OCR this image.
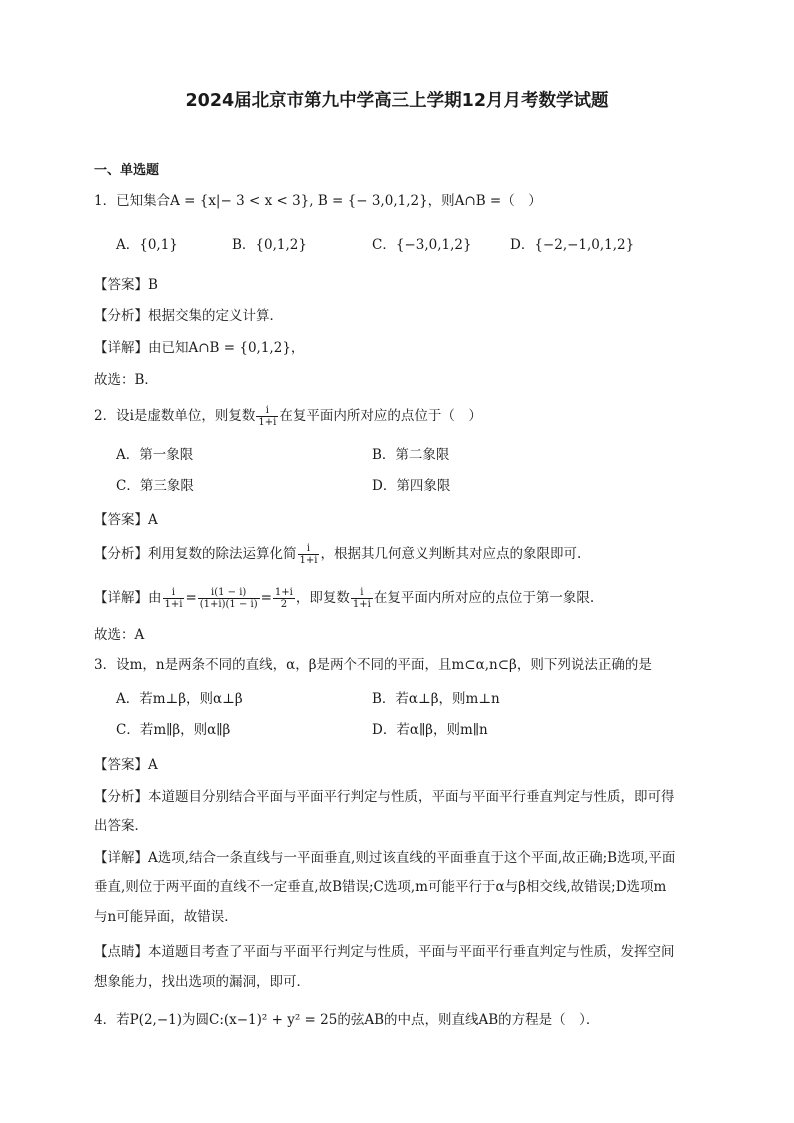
2024届北京市第九中学高三上学期12月月考数学试题
一、单选题
1．已知集合A = {x|− 3 < x < 3}, B = {− 3,0,1,2}，则A∩B =（　）
A．{0,1}	B．{0,1,2}	C．{−3,0,1,2}	D．{−2,−1,0,1,2}
【答案】B
【分析】根据交集的定义计算．
【详解】由已知A∩B = {0,1,2}，
故选：B．
2．设i是虚数单位，则复数 $\frac{i}{1+i}$ 在复平面内所对应的点位于（　）
A．第一象限	B．第二象限
C．第三象限	D．第四象限
【答案】A
【分析】利用复数的除法运算化简 $\frac{i}{1+i}$ ，根据其几何意义判断其对应点的象限即可.
【详解】由 $\frac{i}{1+i} = \frac{i(1 - i)}{(1+i)(1 - i)} = \frac{1+i}{2}$ ，即复数 $\frac{i}{1+i}$ 在复平面内所对应的点位于第一象限.
故选：A
3．设m，n是两条不同的直线，α，β是两个不同的平面，且m⊂α,n⊂β，则下列说法正确的是
A．若m⊥β，则α⊥β	B．若α⊥β，则m⊥n
C．若m∥β，则α∥β	D．若α∥β，则m∥n
【答案】A
【分析】本道题目分别结合平面与平面平行判定与性质，平面与平面平行垂直判定与性质，即可得
出答案．
【详解】A选项,结合一条直线与一平面垂直,则过该直线的平面垂直于这个平面,故正确;B选项,平面
垂直,则位于两平面的直线不一定垂直,故B错误;C选项,m可能平行于α与β相交线,故错误;D选项m
与n可能异面，故错误．
【点睛】本道题目考查了平面与平面平行判定与性质，平面与平面平行垂直判定与性质，发挥空间
想象能力，找出选项的漏洞，即可．
4．若P(2,−1)为圆C:(x−1)² + y² = 25的弦AB的中点，则直线AB的方程是（　）．
